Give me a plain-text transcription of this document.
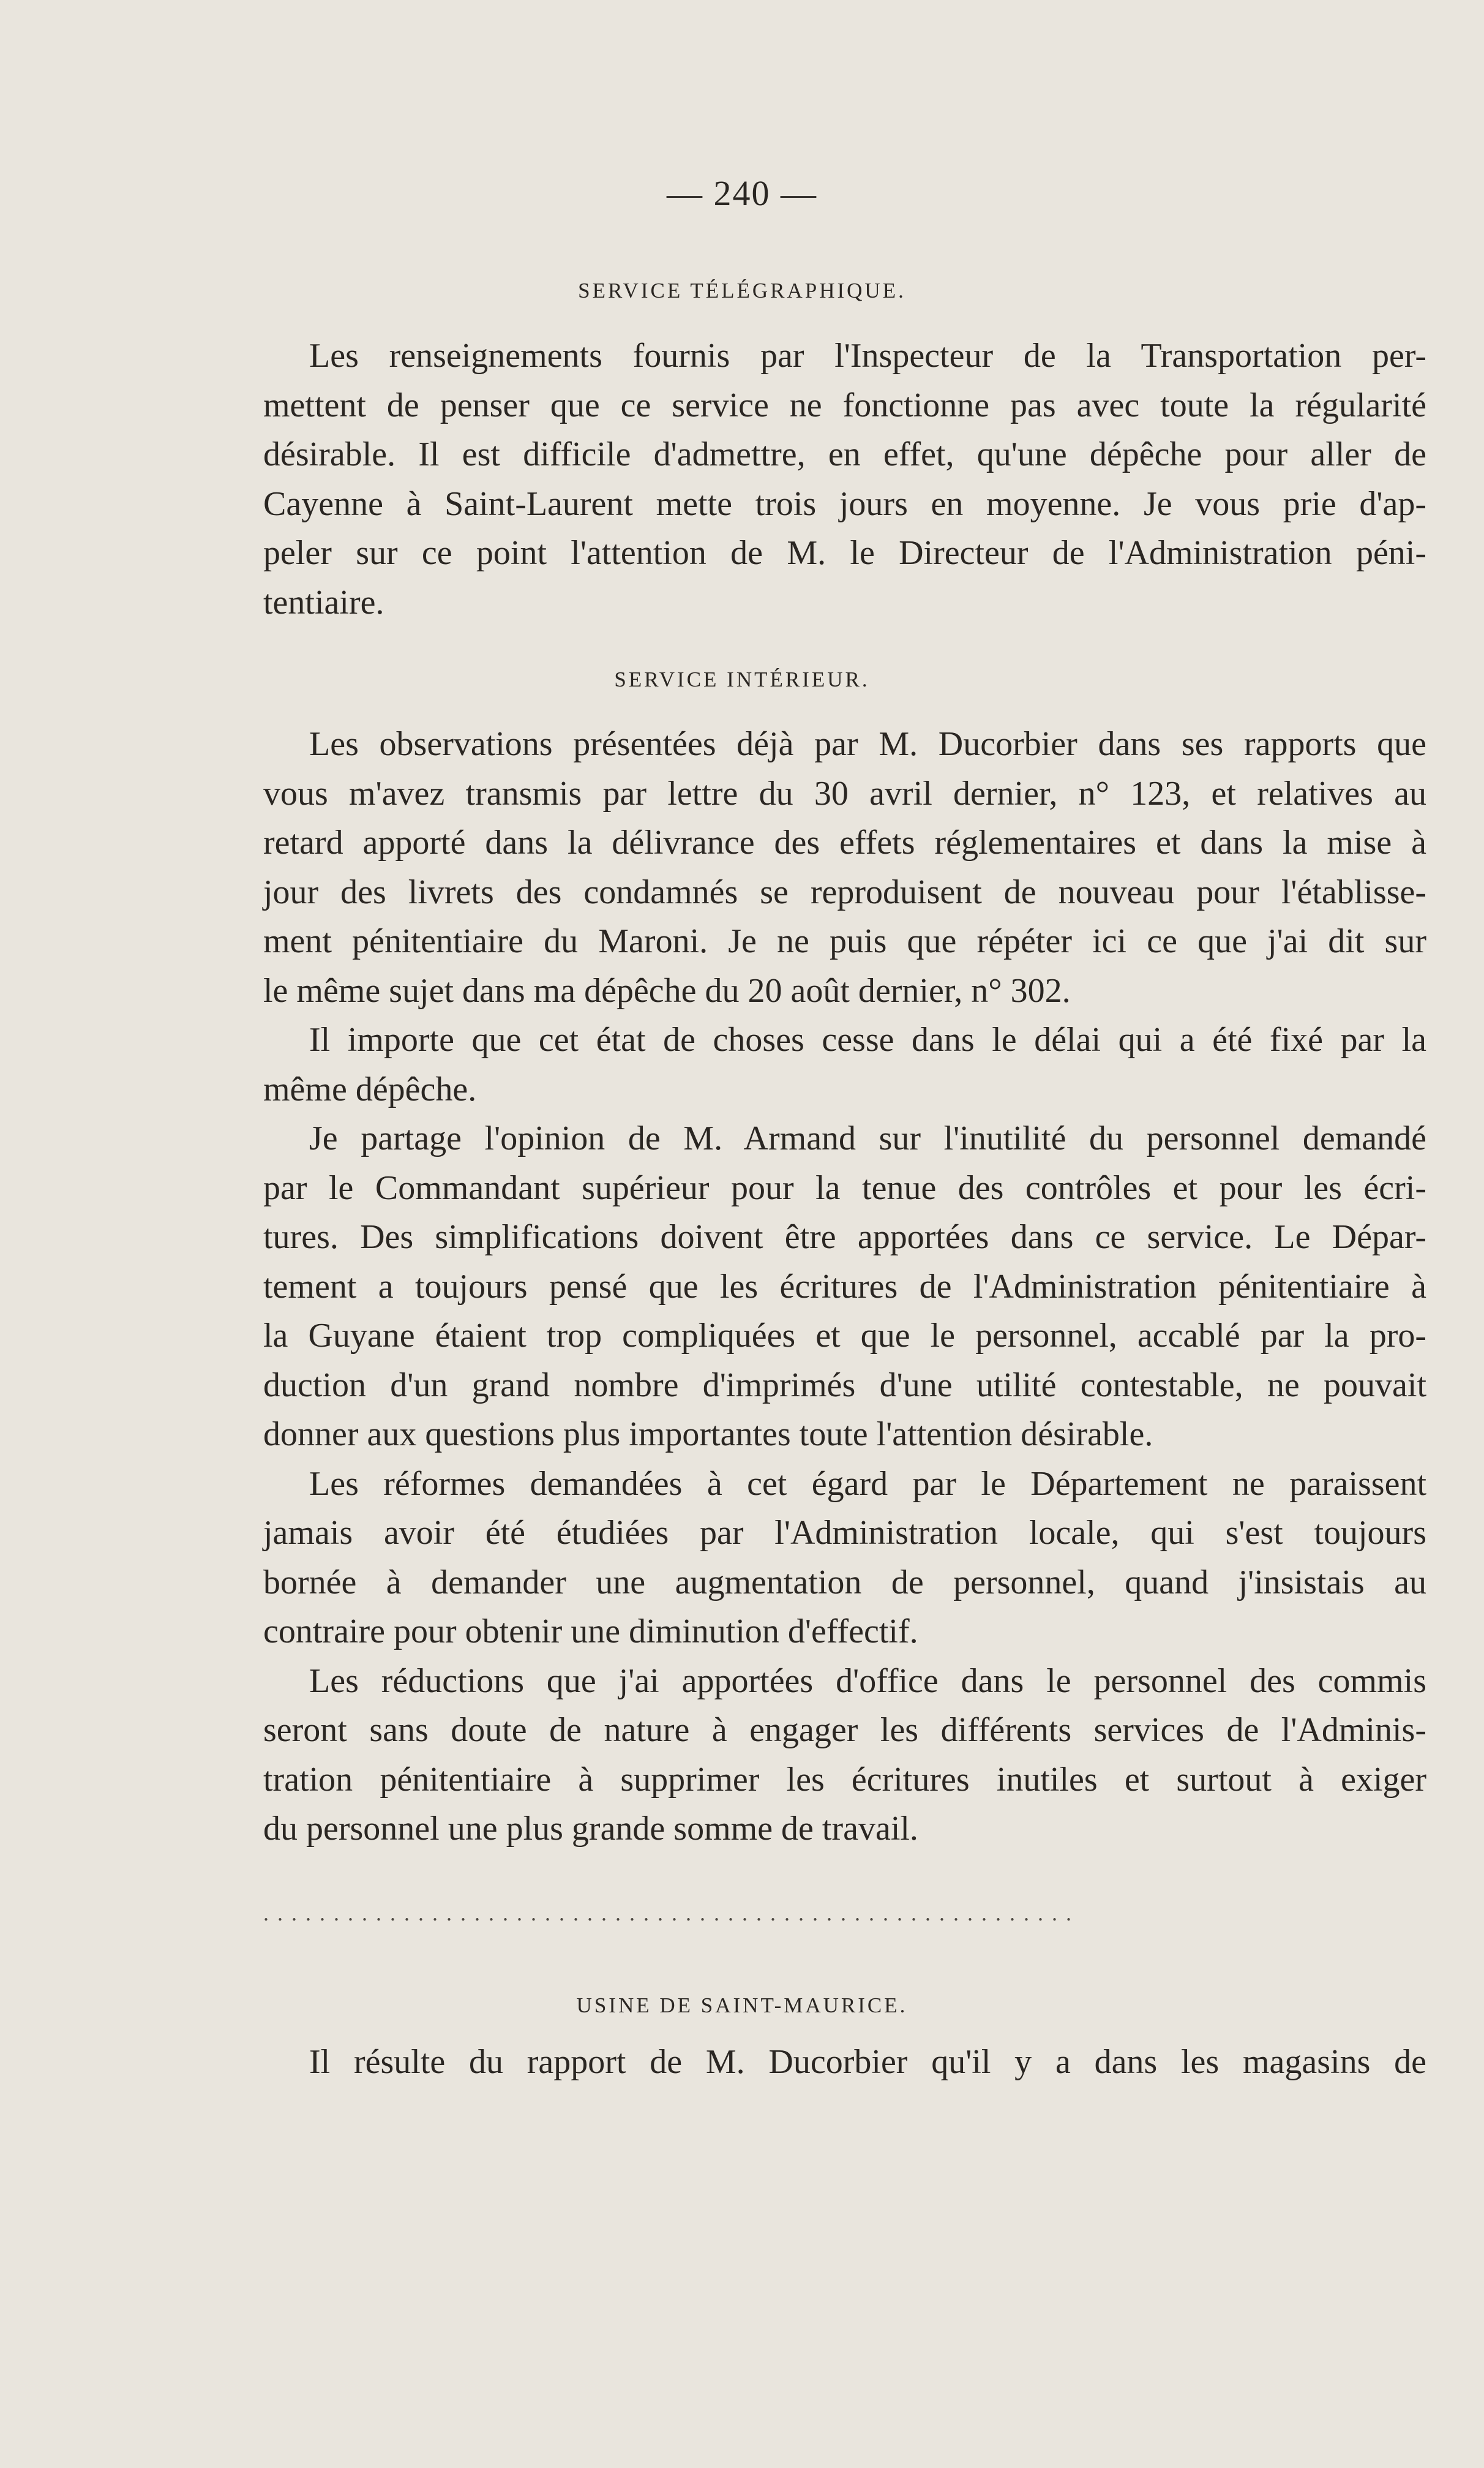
— 240 —
SERVICE TÉLÉGRAPHIQUE.
Les renseignements fournis par l'Inspecteur de la Transportation per-
mettent de penser que ce service ne fonctionne pas avec toute la régularité
désirable. Il est difficile d'admettre, en effet, qu'une dépêche pour aller de
Cayenne à Saint-Laurent mette trois jours en moyenne. Je vous prie d'ap-
peler sur ce point l'attention de M. le Directeur de l'Administration péni-
tentiaire.
SERVICE INTÉRIEUR.
Les observations présentées déjà par M. Ducorbier dans ses rapports que
vous m'avez transmis par lettre du 30 avril dernier, n° 123, et relatives au
retard apporté dans la délivrance des effets réglementaires et dans la mise à
jour des livrets des condamnés se reproduisent de nouveau pour l'établisse-
ment pénitentiaire du Maroni. Je ne puis que répéter ici ce que j'ai dit sur
le même sujet dans ma dépêche du 20 août dernier, n° 302.
Il importe que cet état de choses cesse dans le délai qui a été fixé par la
même dépêche.
Je partage l'opinion de M. Armand sur l'inutilité du personnel demandé
par le Commandant supérieur pour la tenue des contrôles et pour les écri-
tures. Des simplifications doivent être apportées dans ce service. Le Dépar-
tement a toujours pensé que les écritures de l'Administration pénitentiaire à
la Guyane étaient trop compliquées et que le personnel, accablé par la pro-
duction d'un grand nombre d'imprimés d'une utilité contestable, ne pouvait
donner aux questions plus importantes toute l'attention désirable.
Les réformes demandées à cet égard par le Département ne paraissent
jamais avoir été étudiées par l'Administration locale, qui s'est toujours
bornée à demander une augmentation de personnel, quand j'insistais au
contraire pour obtenir une diminution d'effectif.
Les réductions que j'ai apportées d'office dans le personnel des commis
seront sans doute de nature à engager les différents services de l'Adminis-
tration pénitentiaire à supprimer les écritures inutiles et surtout à exiger
du personnel une plus grande somme de travail.
..........................................................
USINE DE SAINT-MAURICE.
Il résulte du rapport de M. Ducorbier qu'il y a dans les magasins de
